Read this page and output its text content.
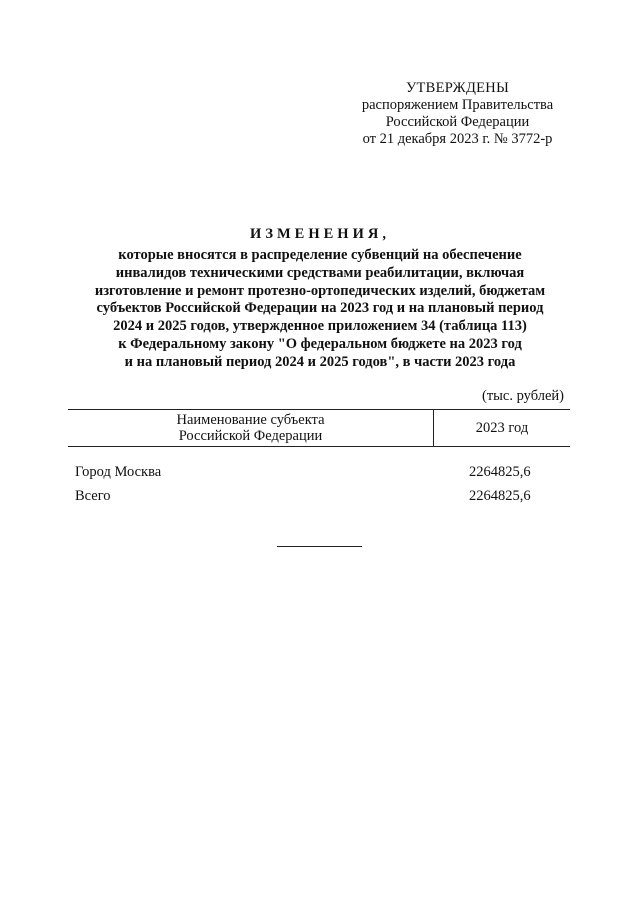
УТВЕРЖДЕНЫ
распоряжением Правительства
Российской Федерации
от 21 декабря 2023 г. № 3772-р
ИЗМЕНЕНИЯ,
которые вносятся в распределение субвенций на обеспечение
инвалидов техническими средствами реабилитации, включая
изготовление и ремонт протезно-ортопедических изделий, бюджетам
субъектов Российской Федерации на 2023 год и на плановый период
2024 и 2025 годов, утвержденное приложением 34 (таблица 113)
к Федеральному закону "О федеральном бюджете на 2023 год
и на плановый период 2024 и 2025 годов", в части 2023 года
(тыс. рублей)
Наименование субъекта
Российской Федерации	2023 год
Город Москва	2264825,6
Всего	2264825,6
